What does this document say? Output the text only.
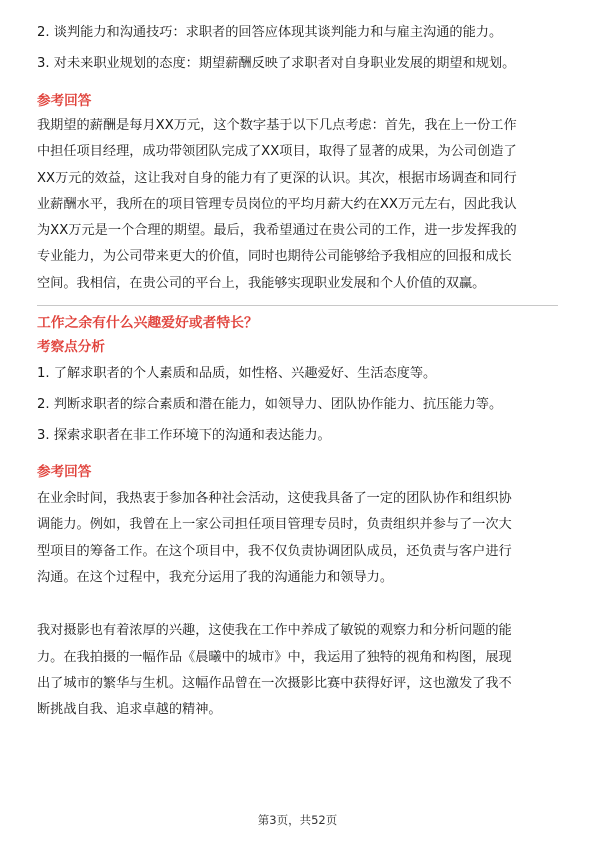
2. 谈判能力和沟通技巧：求职者的回答应体现其谈判能力和与雇主沟通的能力。

3. 对未来职业规划的态度：期望薪酬反映了求职者对自身职业发展的期望和规划。

参考回答

我期望的薪酬是每月XX万元，这个数字基于以下几点考虑：首先，我在上一份工作

中担任项目经理，成功带领团队完成了XX项目，取得了显著的成果，为公司创造了

XX万元的效益，这让我对自身的能力有了更深的认识。其次，根据市场调查和同行

业薪酬水平，我所在的项目管理专员岗位的平均月薪大约在XX万元左右，因此我认

为XX万元是一个合理的期望。最后，我希望通过在贵公司的工作，进一步发挥我的

专业能力，为公司带来更大的价值，同时也期待公司能够给予我相应的回报和成长

空间。我相信，在贵公司的平台上，我能够实现职业发展和个人价值的双赢。

工作之余有什么兴趣爱好或者特长？

考察点分析

1. 了解求职者的个人素质和品质，如性格、兴趣爱好、生活态度等。

2. 判断求职者的综合素质和潜在能力，如领导力、团队协作能力、抗压能力等。

3. 探索求职者在非工作环境下的沟通和表达能力。

参考回答

在业余时间，我热衷于参加各种社会活动，这使我具备了一定的团队协作和组织协

调能力。例如，我曾在上一家公司担任项目管理专员时，负责组织并参与了一次大

型项目的筹备工作。在这个项目中，我不仅负责协调团队成员，还负责与客户进行

沟通。在这个过程中，我充分运用了我的沟通能力和领导力。

我对摄影也有着浓厚的兴趣，这使我在工作中养成了敏锐的观察力和分析问题的能

力。在我拍摄的一幅作品《晨曦中的城市》中，我运用了独特的视角和构图，展现

出了城市的繁华与生机。这幅作品曾在一次摄影比赛中获得好评，这也激发了我不

断挑战自我、追求卓越的精神。

第3页，共52页
